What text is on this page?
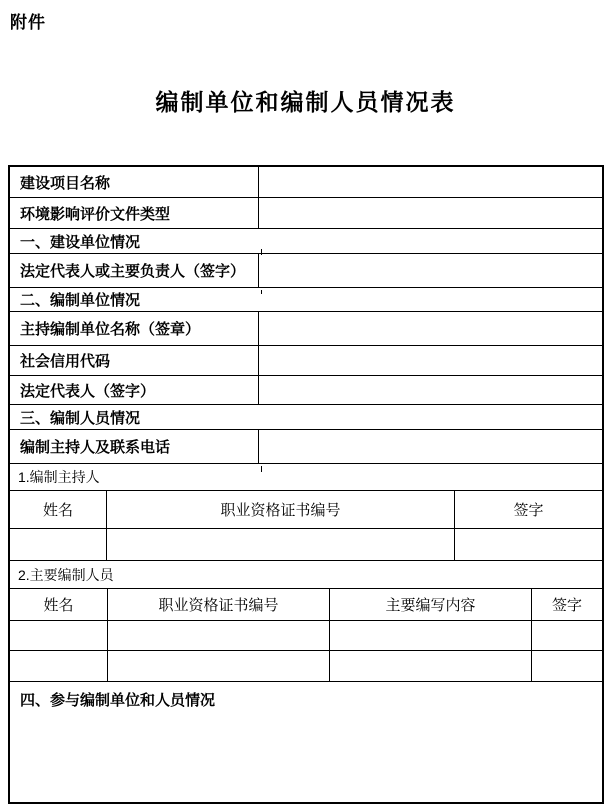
附件
编制单位和编制人员情况表
建设项目名称
环境影响评价文件类型
一、建设单位情况
法定代表人或主要负责人（签字）
二、编制单位情况
主持编制单位名称（签章）
社会信用代码
法定代表人（签字）
三、编制人员情况
编制主持人及联系电话
1.编制主持人
姓名	职业资格证书编号	签字
2.主要编制人员
姓名	职业资格证书编号	主要编写内容	签字
四、参与编制单位和人员情况
